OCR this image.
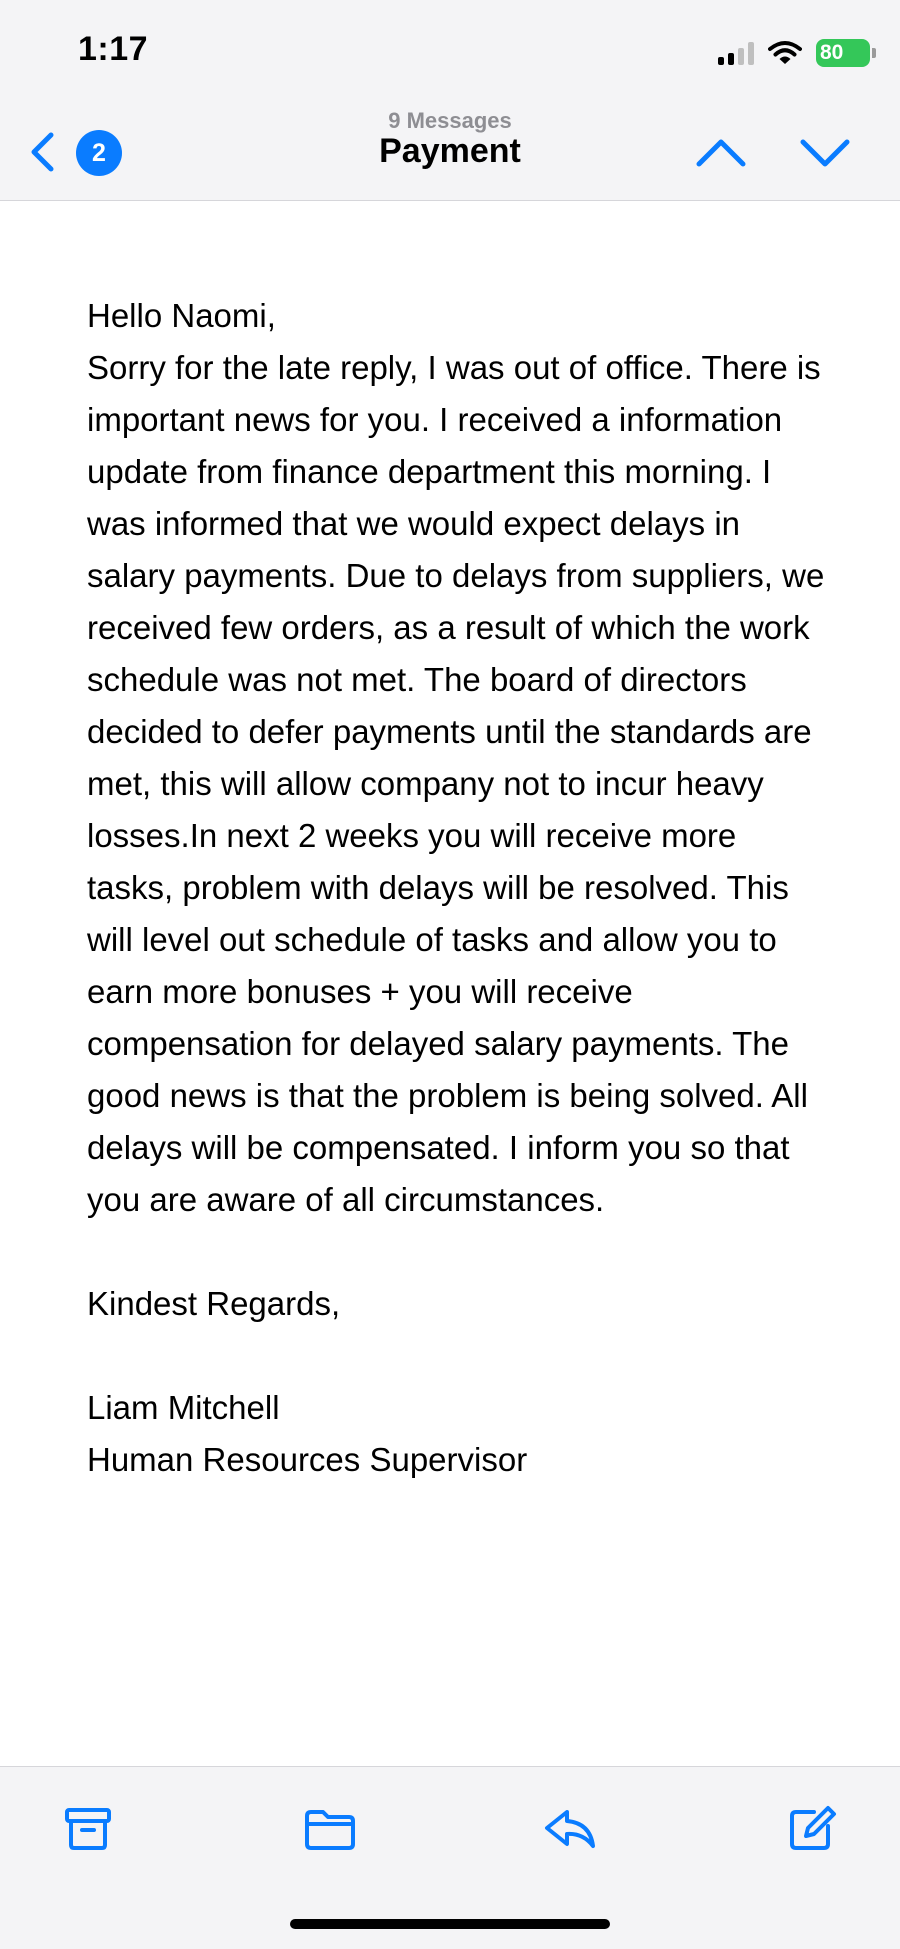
1:17	80
2
9 Messages
Payment

Hello Naomi,

Sorry for the late reply, I was out of office. There is important news for you. I received a information update from finance department this morning. I was informed that we would expect delays in salary payments. Due to delays from suppliers, we received few orders, as a result of which the work schedule was not met. The board of directors decided to defer payments until the standards are met, this will allow company not to incur heavy losses.In next 2 weeks you will receive more tasks, problem with delays will be resolved. This will level out schedule of tasks and allow you to earn more bonuses + you will receive compensation for delayed salary payments. The good news is that the problem is being solved. All delays will be compensated. I inform you so that you are aware of all circumstances.

Kindest Regards,

Liam Mitchell

Human Resources Supervisor
